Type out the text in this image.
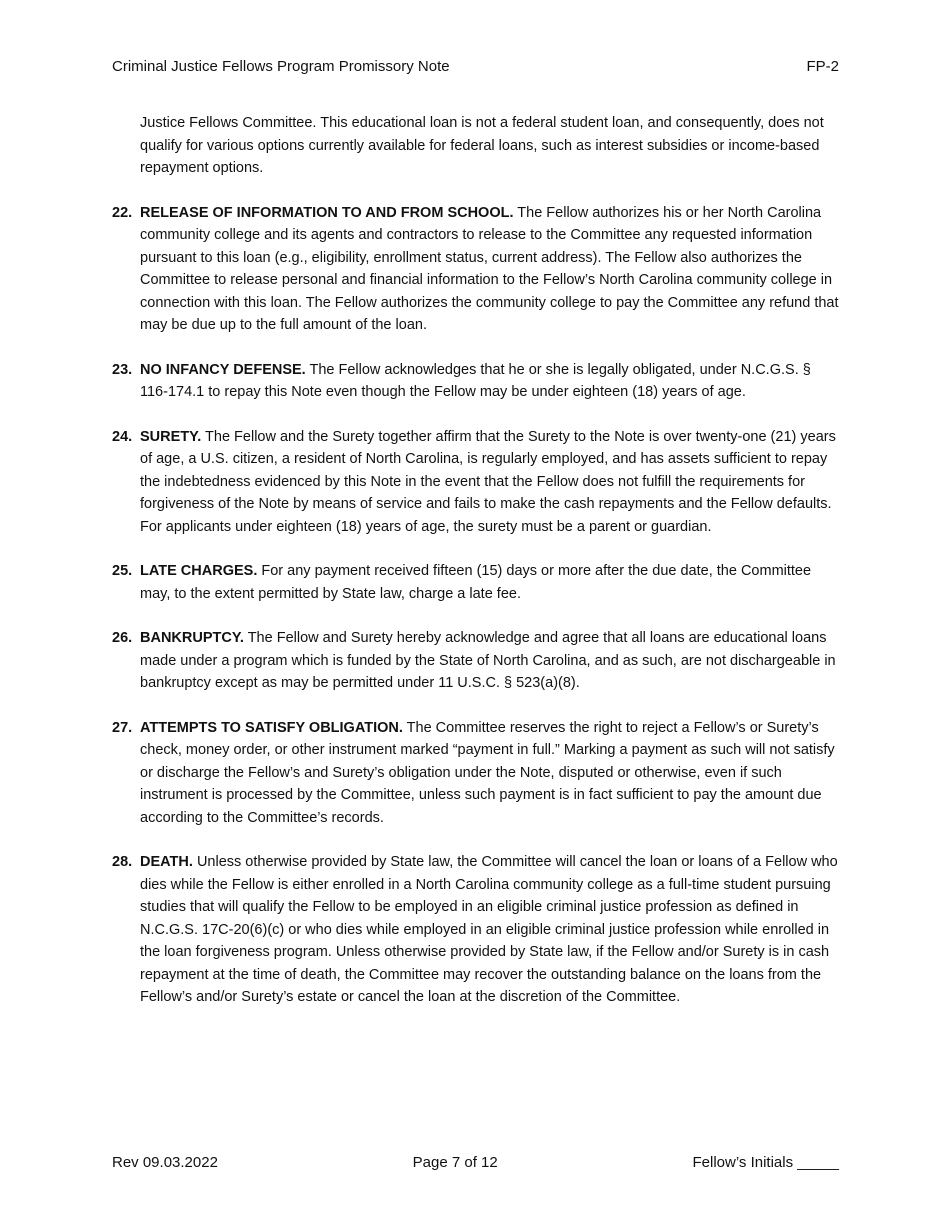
Criminal Justice Fellows Program Promissory Note	FP-2
Justice Fellows Committee. This educational loan is not a federal student loan, and consequently, does not qualify for various options currently available for federal loans, such as interest subsidies or income-based repayment options.
22. RELEASE OF INFORMATION TO AND FROM SCHOOL. The Fellow authorizes his or her North Carolina community college and its agents and contractors to release to the Committee any requested information pursuant to this loan (e.g., eligibility, enrollment status, current address). The Fellow also authorizes the Committee to release personal and financial information to the Fellow’s North Carolina community college in connection with this loan. The Fellow authorizes the community college to pay the Committee any refund that may be due up to the full amount of the loan.
23. NO INFANCY DEFENSE. The Fellow acknowledges that he or she is legally obligated, under N.C.G.S. § 116-174.1 to repay this Note even though the Fellow may be under eighteen (18) years of age.
24. SURETY. The Fellow and the Surety together affirm that the Surety to the Note is over twenty-one (21) years of age, a U.S. citizen, a resident of North Carolina, is regularly employed, and has assets sufficient to repay the indebtedness evidenced by this Note in the event that the Fellow does not fulfill the requirements for forgiveness of the Note by means of service and fails to make the cash repayments and the Fellow defaults. For applicants under eighteen (18) years of age, the surety must be a parent or guardian.
25. LATE CHARGES. For any payment received fifteen (15) days or more after the due date, the Committee may, to the extent permitted by State law, charge a late fee.
26. BANKRUPTCY. The Fellow and Surety hereby acknowledge and agree that all loans are educational loans made under a program which is funded by the State of North Carolina, and as such, are not dischargeable in bankruptcy except as may be permitted under 11 U.S.C. § 523(a)(8).
27. ATTEMPTS TO SATISFY OBLIGATION. The Committee reserves the right to reject a Fellow’s or Surety’s check, money order, or other instrument marked “payment in full.” Marking a payment as such will not satisfy or discharge the Fellow’s and Surety’s obligation under the Note, disputed or otherwise, even if such instrument is processed by the Committee, unless such payment is in fact sufficient to pay the amount due according to the Committee’s records.
28. DEATH. Unless otherwise provided by State law, the Committee will cancel the loan or loans of a Fellow who dies while the Fellow is either enrolled in a North Carolina community college as a full-time student pursuing studies that will qualify the Fellow to be employed in an eligible criminal justice profession as defined in N.C.G.S. 17C-20(6)(c) or who dies while employed in an eligible criminal justice profession while enrolled in the loan forgiveness program. Unless otherwise provided by State law, if the Fellow and/or Surety is in cash repayment at the time of death, the Committee may recover the outstanding balance on the loans from the Fellow’s and/or Surety’s estate or cancel the loan at the discretion of the Committee.
Rev 09.03.2022	Page 7 of 12	Fellow’s Initials _____
